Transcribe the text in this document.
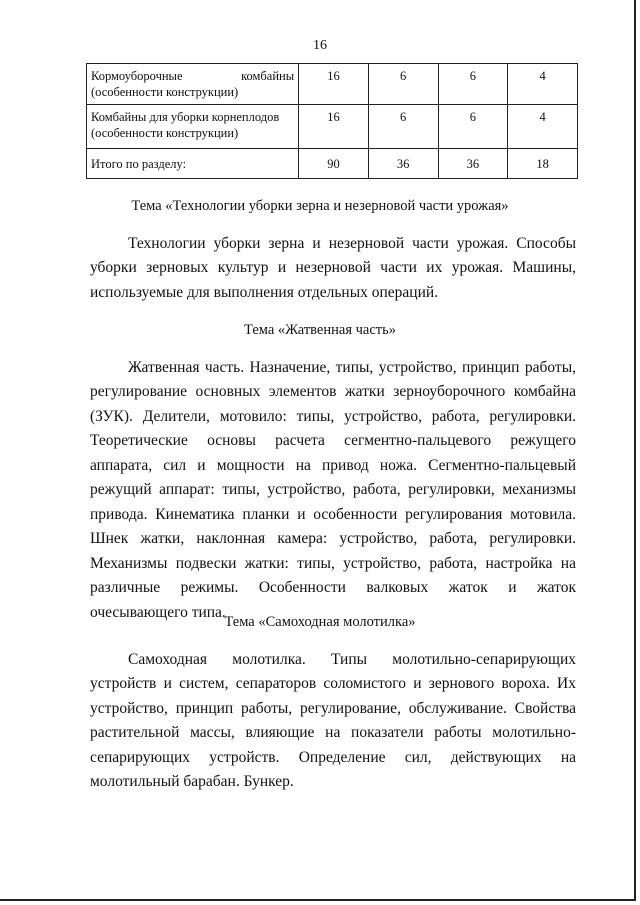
16
Кормоуборочные комбайны
(особенности конструкции)	16	6	6	4
Комбайны для уборки корнеплодов
(особенности конструкции)	16	6	6	4
Итого по разделу:	90	36	36	18
Тема «Технологии уборки зерна и незерновой части урожая»

Технологии уборки зерна и незерновой части урожая. Способы уборки зерновых культур и незерновой части их урожая. Машины, используемые для выполнения отдельных операций.

Тема «Жатвенная часть»

Жатвенная часть. Назначение, типы, устройство, принцип работы, регулирование основных элементов жатки зерноуборочного комбайна (ЗУК). Делители, мотовило: типы, устройство, работа, регулировки. Теоретические основы расчета сегментно-пальцевого режущего аппарата, сил и мощности на привод ножа. Сегментно-пальцевый режущий аппарат: типы, устройство, работа, регулировки, механизмы привода. Кинематика планки и особенности регулирования мотовила. Шнек жатки, наклонная камера: устройство, работа, регулировки. Механизмы подвески жатки: типы, устройство, работа, настройка на различные режимы. Особенности валковых жаток и жаток очесывающего типа.

Тема «Самоходная молотилка»

Самоходная молотилка. Типы молотильно-сепарирующих устройств и систем, сепараторов соломистого и зернового вороха. Их устройство, принцип работы, регулирование, обслуживание. Свойства растительной массы, влияющие на показатели работы молотильно-сепарирующих устройств. Определение сил, действующих на молотильный барабан. Бункер.
